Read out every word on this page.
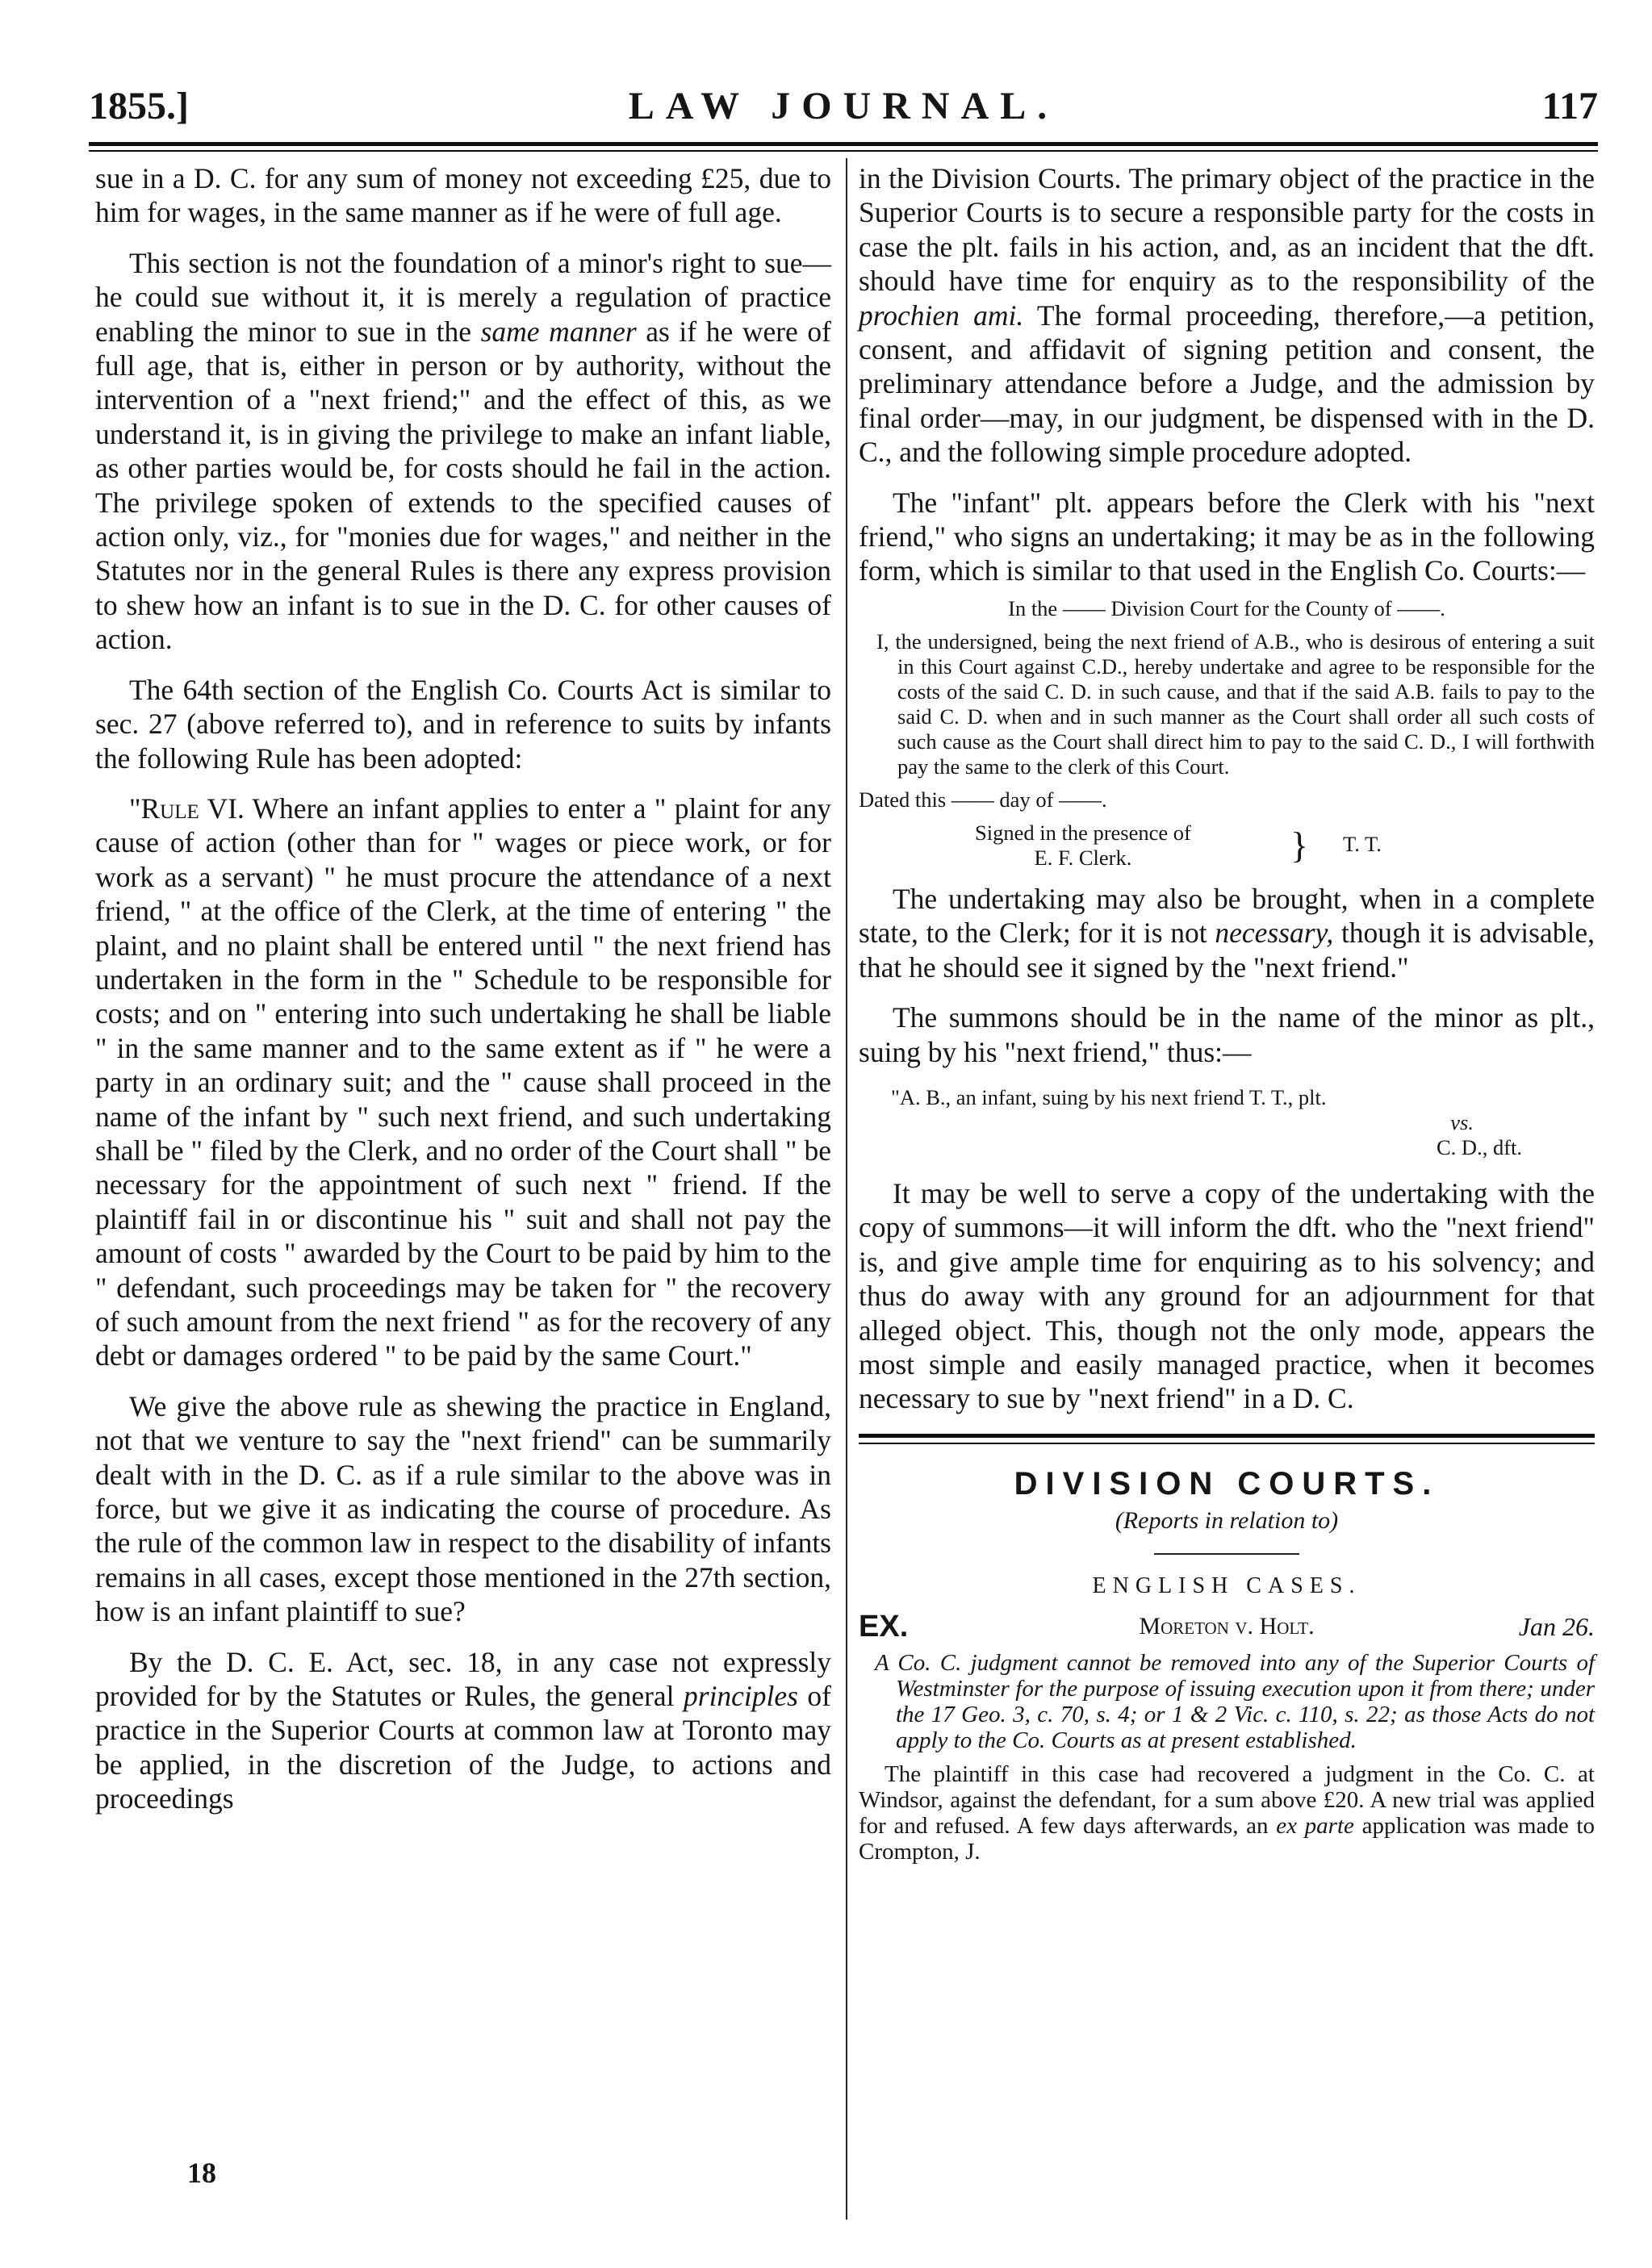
LAW JOURNAL.
1855.]	117

sue in a D. C. for any sum of money not exceeding £25, due to him for wages, in the same manner as if he were of full age.

This section is not the foundation of a minor's right to sue—he could sue without it, it is merely a regulation of practice enabling the minor to sue in the same manner as if he were of full age, that is, either in person or by authority, without the intervention of a "next friend;" and the effect of this, as we understand it, is in giving the privilege to make an infant liable, as other parties would be, for costs should he fail in the action. The privilege spoken of extends to the specified causes of action only, viz., for "monies due for wages," and neither in the Statutes nor in the general Rules is there any express provision to shew how an infant is to sue in the D. C. for other causes of action.

The 64th section of the English Co. Courts Act is similar to sec. 27 (above referred to), and in reference to suits by infants the following Rule has been adopted:

"Rule VI. Where an infant applies to enter a " plaint for any cause of action (other than for " wages or piece work, or for work as a servant) " he must procure the attendance of a next friend, " at the office of the Clerk, at the time of entering " the plaint, and no plaint shall be entered until " the next friend has undertaken in the form in the " Schedule to be responsible for costs; and on " entering into such undertaking he shall be liable " in the same manner and to the same extent as if " he were a party in an ordinary suit; and the " cause shall proceed in the name of the infant by " such next friend, and such undertaking shall be " filed by the Clerk, and no order of the Court shall " be necessary for the appointment of such next " friend. If the plaintiff fail in or discontinue his " suit and shall not pay the amount of costs " awarded by the Court to be paid by him to the " defendant, such proceedings may be taken for " the recovery of such amount from the next friend " as for the recovery of any debt or damages ordered " to be paid by the same Court."

We give the above rule as shewing the practice in England, not that we venture to say the "next friend" can be summarily dealt with in the D. C. as if a rule similar to the above was in force, but we give it as indicating the course of procedure. As the rule of the common law in respect to the disability of infants remains in all cases, except those mentioned in the 27th section, how is an infant plaintiff to sue?

By the D. C. E. Act, sec. 18, in any case not expressly provided for by the Statutes or Rules, the general principles of practice in the Superior Courts at common law at Toronto may be applied, in the discretion of the Judge, to actions and proceedings

18

in the Division Courts. The primary object of the practice in the Superior Courts is to secure a responsible party for the costs in case the plt. fails in his action, and, as an incident that the dft. should have time for enquiry as to the responsibility of the prochien ami. The formal proceeding, therefore,—a petition, consent, and affidavit of signing petition and consent, the preliminary attendance before a Judge, and the admission by final order—may, in our judgment, be dispensed with in the D. C., and the following simple procedure adopted.

The "infant" plt. appears before the Clerk with his "next friend," who signs an undertaking; it may be as in the following form, which is similar to that used in the English Co. Courts:—

In the —— Division Court for the County of ——.

I, the undersigned, being the next friend of A.B., who is desirous of entering a suit in this Court against C.D., hereby undertake and agree to be responsible for the costs of the said C. D. in such cause, and that if the said A.B. fails to pay to the said C. D. when and in such manner as the Court shall order all such costs of such cause as the Court shall direct him to pay to the said C. D., I will forthwith pay the same to the clerk of this Court.

Dated this —— day of ——.

Signed in the presence of
E. F. Clerk.	} T. T.

The undertaking may also be brought, when in a complete state, to the Clerk; for it is not necessary, though it is advisable, that he should see it signed by the "next friend."

The summons should be in the name of the minor as plt., suing by his "next friend," thus:—

"A. B., an infant, suing by his next friend T. T., plt.
vs.
C. D., dft.

It may be well to serve a copy of the undertaking with the copy of summons—it will inform the dft. who the "next friend" is, and give ample time for enquiring as to his solvency; and thus do away with any ground for an adjournment for that alleged object. This, though not the only mode, appears the most simple and easily managed practice, when it becomes necessary to sue by "next friend" in a D. C.

DIVISION COURTS.
(Reports in relation to)
ENGLISH CASES.
Moreton v. Holt.
EX.	Jan 26.

A Co. C. judgment cannot be removed into any of the Superior Courts of Westminster for the purpose of issuing execution upon it from there; under the 17 Geo. 3, c. 70, s. 4; or 1 & 2 Vic. c. 110, s. 22; as those Acts do not apply to the Co. Courts as at present established.

The plaintiff in this case had recovered a judgment in the Co. C. at Windsor, against the defendant, for a sum above £20. A new trial was applied for and refused. A few days afterwards, an ex parte application was made to Crompton, J.
